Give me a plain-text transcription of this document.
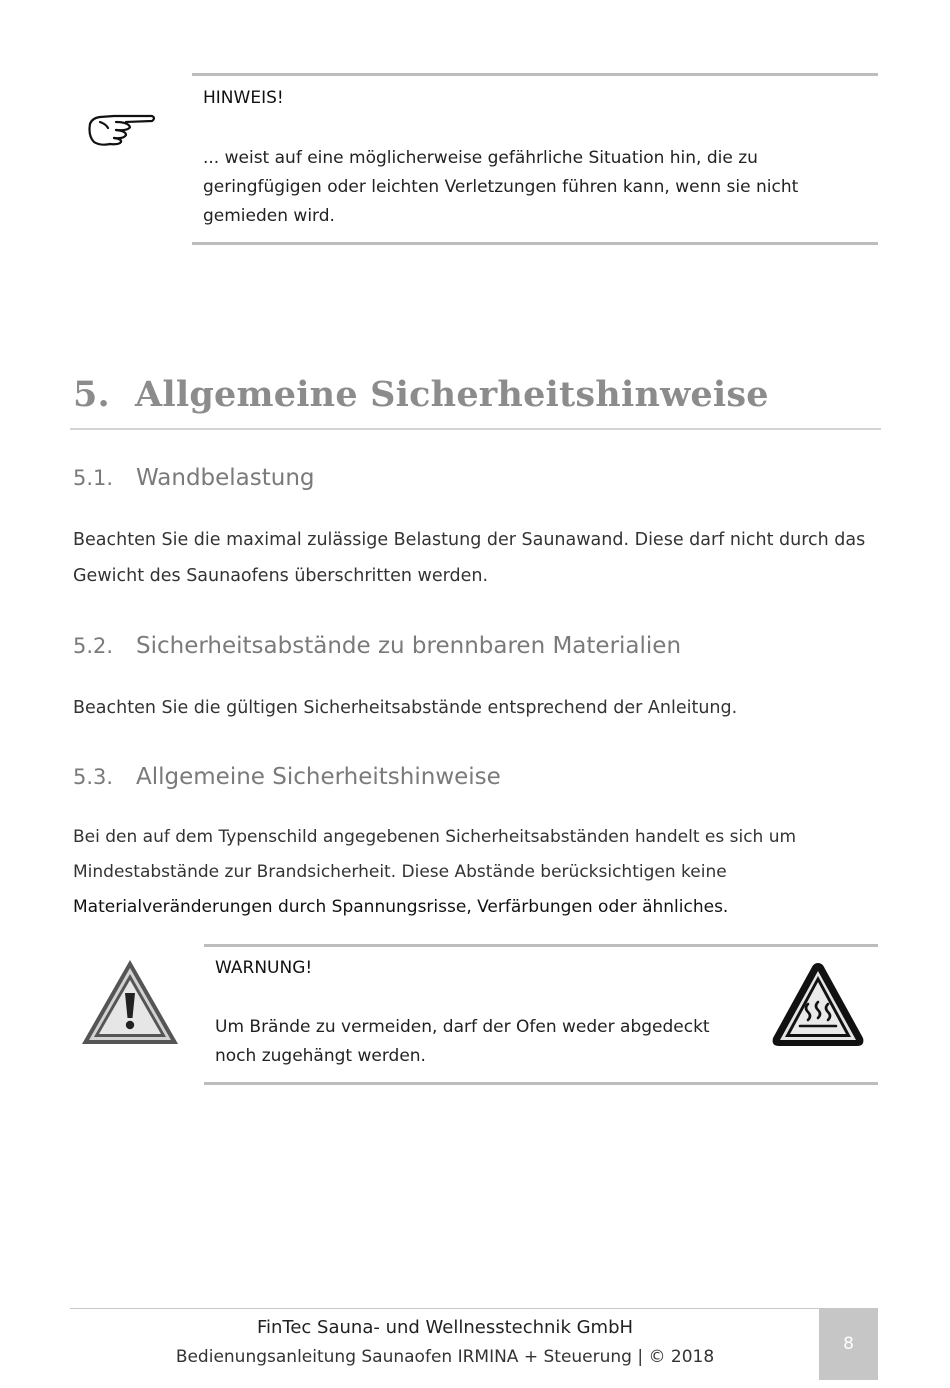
HINWEIS!
... weist auf eine möglicherweise gefährliche Situation hin, die zu geringfügigen oder leichten Verletzungen führen kann, wenn sie nicht gemieden wird.
5. Allgemeine Sicherheitshinweise
5.1. Wandbelastung
Beachten Sie die maximal zulässige Belastung der Saunawand. Diese darf nicht durch das Gewicht des Saunaofens überschritten werden.
5.2. Sicherheitsabstände zu brennbaren Materialien
Beachten Sie die gültigen Sicherheitsabstände entsprechend der Anleitung.
5.3. Allgemeine Sicherheitshinweise
Bei den auf dem Typenschild angegebenen Sicherheitsabständen handelt es sich um Mindestabstände zur Brandsicherheit. Diese Abstände berücksichtigen keine Materialveränderungen durch Spannungsrisse, Verfärbungen oder ähnliches.
WARNUNG!
Um Brände zu vermeiden, darf der Ofen weder abgedeckt noch zugehängt werden.
FinTec Sauna- und Wellnesstechnik GmbH
Bedienungsanleitung Saunaofen IRMINA + Steuerung | © 2018
8
